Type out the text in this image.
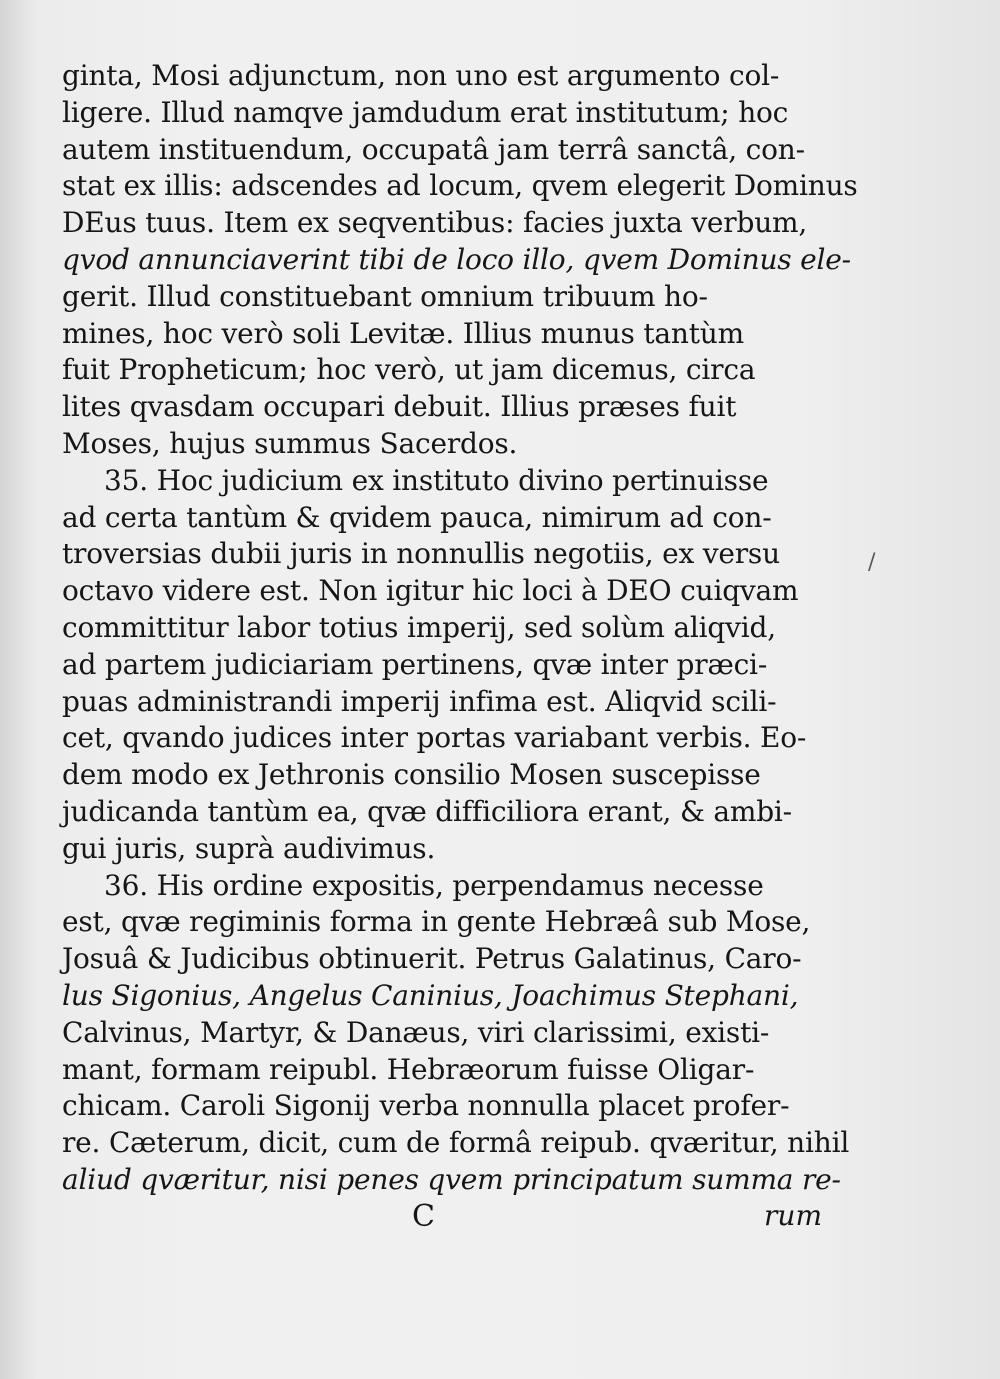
ginta, Mosi adjunctum, non uno est argumento col-
ligere. Illud namqve jamdudum erat institutum; hoc
autem instituendum, occupatâ jam terrâ sanctâ, con-
stat ex illis: adscendes ad locum, qvem elegerit Dominus
DEus tuus. Item ex seqventibus: facies juxta verbum,
qvod annunciaverint tibi de loco illo, qvem Dominus ele-
gerit. Illud constituebant omnium tribuum ho-
mines, hoc verò soli Levitæ. Illius munus tantùm
fuit Propheticum; hoc verò, ut jam dicemus, circa
lites qvasdam occupari debuit. Illius præses fuit
Moses, hujus summus Sacerdos.
35. Hoc judicium ex instituto divino pertinuisse
ad certa tantùm & qvidem pauca, nimirum ad con-
troversias dubii juris in nonnullis negotiis, ex versu
octavo videre est. Non igitur hic loci à DEO cuiqvam
committitur labor totius imperij, sed solùm aliqvid,
ad partem judiciariam pertinens, qvæ inter præci-
puas administrandi imperij infima est. Aliqvid scili-
cet, qvando judices inter portas variabant verbis. Eo-
dem modo ex Jethronis consilio Mosen suscepisse
judicanda tantùm ea, qvæ difficiliora erant, & ambi-
gui juris, suprà audivimus.
36. His ordine expositis, perpendamus necesse
est, qvæ regiminis forma in gente Hebræâ sub Mose,
Josuâ & Judicibus obtinuerit. Petrus Galatinus, Caro-
lus Sigonius, Angelus Caninius, Joachimus Stephani,
Calvinus, Martyr, & Danæus, viri clarissimi, existi-
mant, formam reipubl. Hebræorum fuisse Oligar-
chicam. Caroli Sigonij verba nonnulla placet profer-
re. Cæterum, dicit, cum de formâ reipub. qværitur, nihil
aliud qværitur, nisi penes qvem principatum summa re-
C	rum
/
